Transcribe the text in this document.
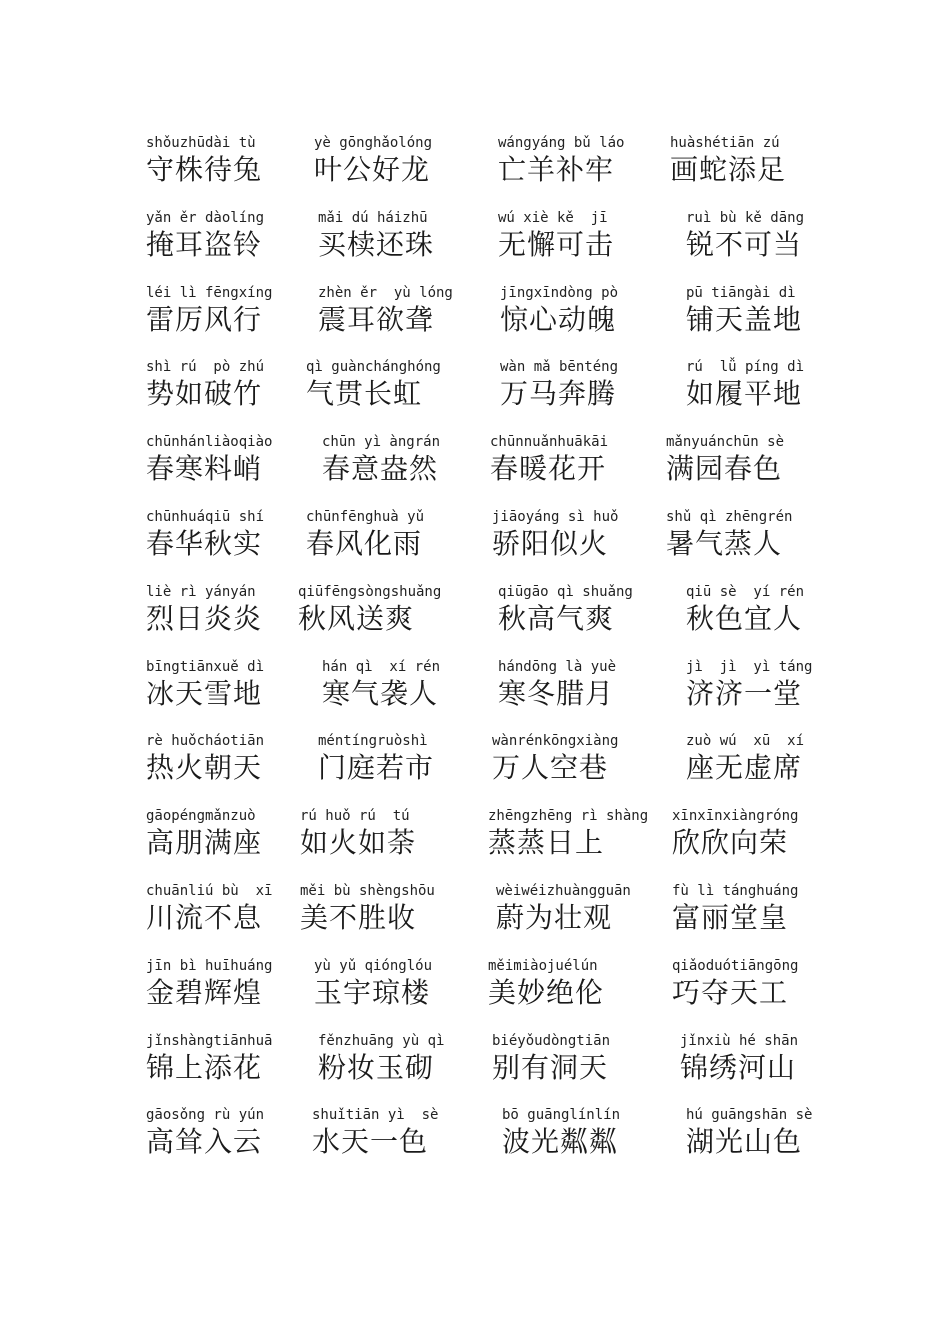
shǒuzhūdài tù
守株待兔
yè gōnghǎolóng
叶公好龙
wángyáng bǔ láo
亡羊补牢
huàshétiān zú
画蛇添足
yǎn ěr dàolíng
掩耳盗铃
mǎi dú háizhū
买椟还珠
wú xiè kě  jī
无懈可击
ruì bù kě dāng
锐不可当
léi lì fēngxíng
雷厉风行
zhèn ěr  yù lóng
震耳欲聋
jīngxīndòng pò
惊心动魄
pū tiāngài dì
铺天盖地
shì rú  pò zhú
势如破竹
qì guànchánghóng
气贯长虹
wàn mǎ bēnténg
万马奔腾
rú  lǚ píng dì
如履平地
chūnhánliàoqiào
春寒料峭
chūn yì àngrán
春意盎然
chūnnuǎnhuākāi
春暖花开
mǎnyuánchūn sè
满园春色
chūnhuáqiū shí
春华秋实
chūnfēnghuà yǔ
春风化雨
jiāoyáng sì huǒ
骄阳似火
shǔ qì zhēngrén
暑气蒸人
liè rì yányán
烈日炎炎
qiūfēngsòngshuǎng
秋风送爽
qiūgāo qì shuǎng
秋高气爽
qiū sè  yí rén
秋色宜人
bīngtiānxuě dì
冰天雪地
hán qì  xí rén
寒气袭人
hándōng là yuè
寒冬腊月
jì  jì  yì táng
济济一堂
rè huǒcháotiān
热火朝天
méntíngruòshì
门庭若市
wànrénkōngxiàng
万人空巷
zuò wú  xū  xí
座无虚席
gāopéngmǎnzuò
高朋满座
rú huǒ rú  tú
如火如荼
zhēngzhēng rì shàng
蒸蒸日上
xīnxīnxiàngróng
欣欣向荣
chuānliú bù  xī
川流不息
měi bù shèngshōu
美不胜收
wèiwéizhuàngguān
蔚为壮观
fù lì tánghuáng
富丽堂皇
jīn bì huīhuáng
金碧辉煌
yù yǔ qiónglóu
玉宇琼楼
měimiàojuélún
美妙绝伦
qiǎoduótiāngōng
巧夺天工
jǐnshàngtiānhuā
锦上添花
fěnzhuāng yù qì
粉妆玉砌
biéyǒudòngtiān
别有洞天
jǐnxiù hé shān
锦绣河山
gāosǒng rù yún
高耸入云
shuǐtiān yì  sè
水天一色
bō guānglínlín
波光粼粼
hú guāngshān sè
湖光山色
